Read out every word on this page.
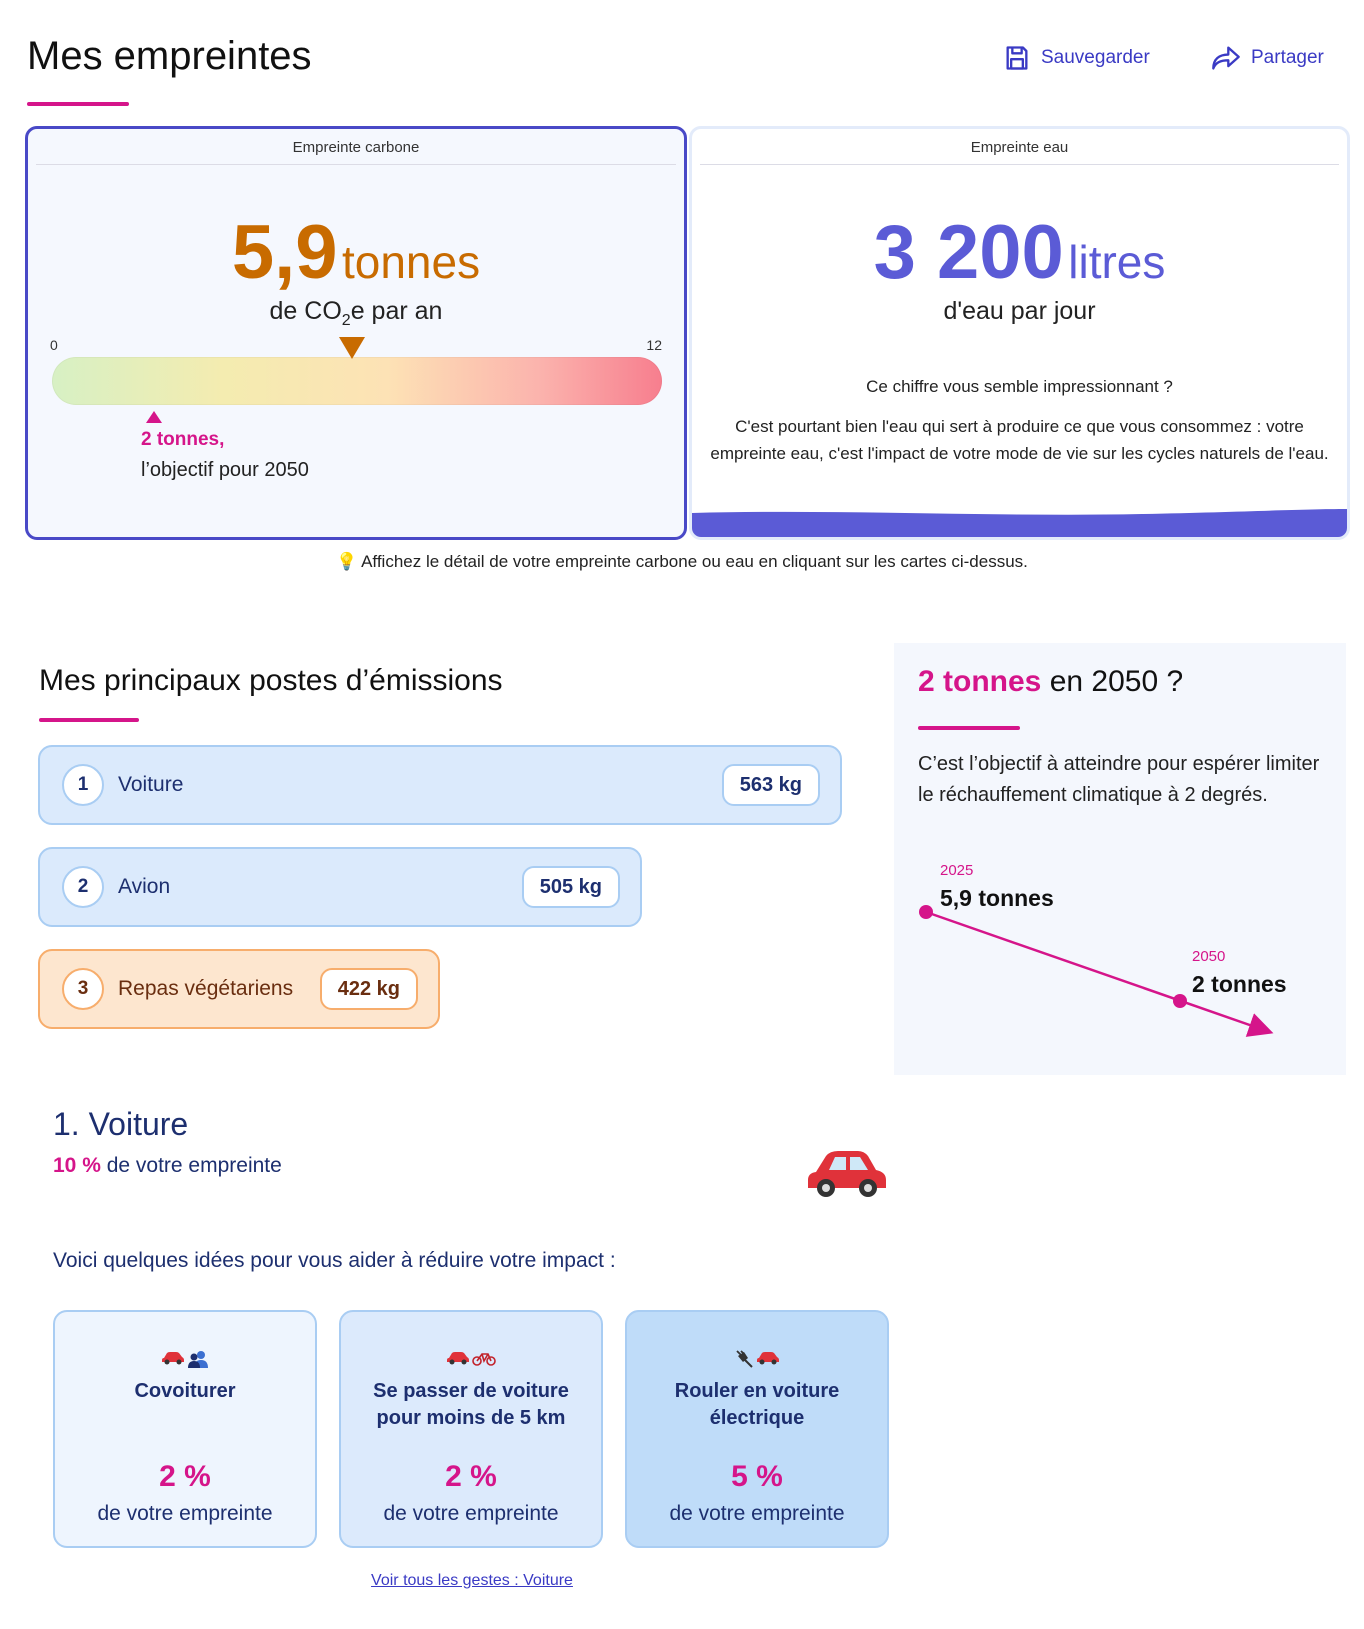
Mes empreintes	Sauvegarder	Partager
Empreinte carbone
5,9 tonnes
de $CO_2e$ par an
0	12
2 tonnes,
l’objectif pour 2050
Empreinte eau
3 200 litres
d'eau par jour
Ce chiffre vous semble impressionnant ?
C'est pourtant bien l'eau qui sert à produire ce que vous consommez : votre empreinte eau, c'est l'impact de votre mode de vie sur les cycles naturels de l'eau.
💡 Affichez le détail de votre empreinte carbone ou eau en cliquant sur les cartes ci-dessus.
Mes principaux postes d’émissions
1	Voiture	563 kg
2	Avion	505 kg
3	Repas végétariens	422 kg
2 tonnes en 2050 ?
C’est l’objectif à atteindre pour espérer limiter le réchauffement climatique à 2 degrés.
2025
5,9 tonnes
2050
2 tonnes
1. Voiture
10 % de votre empreinte
Voici quelques idées pour vous aider à réduire votre impact :
Covoiturer
2 %
de votre empreinte
Se passer de voiture pour moins de 5 km
2 %
de votre empreinte
Rouler en voiture électrique
5 %
de votre empreinte
Voir tous les gestes : Voiture
